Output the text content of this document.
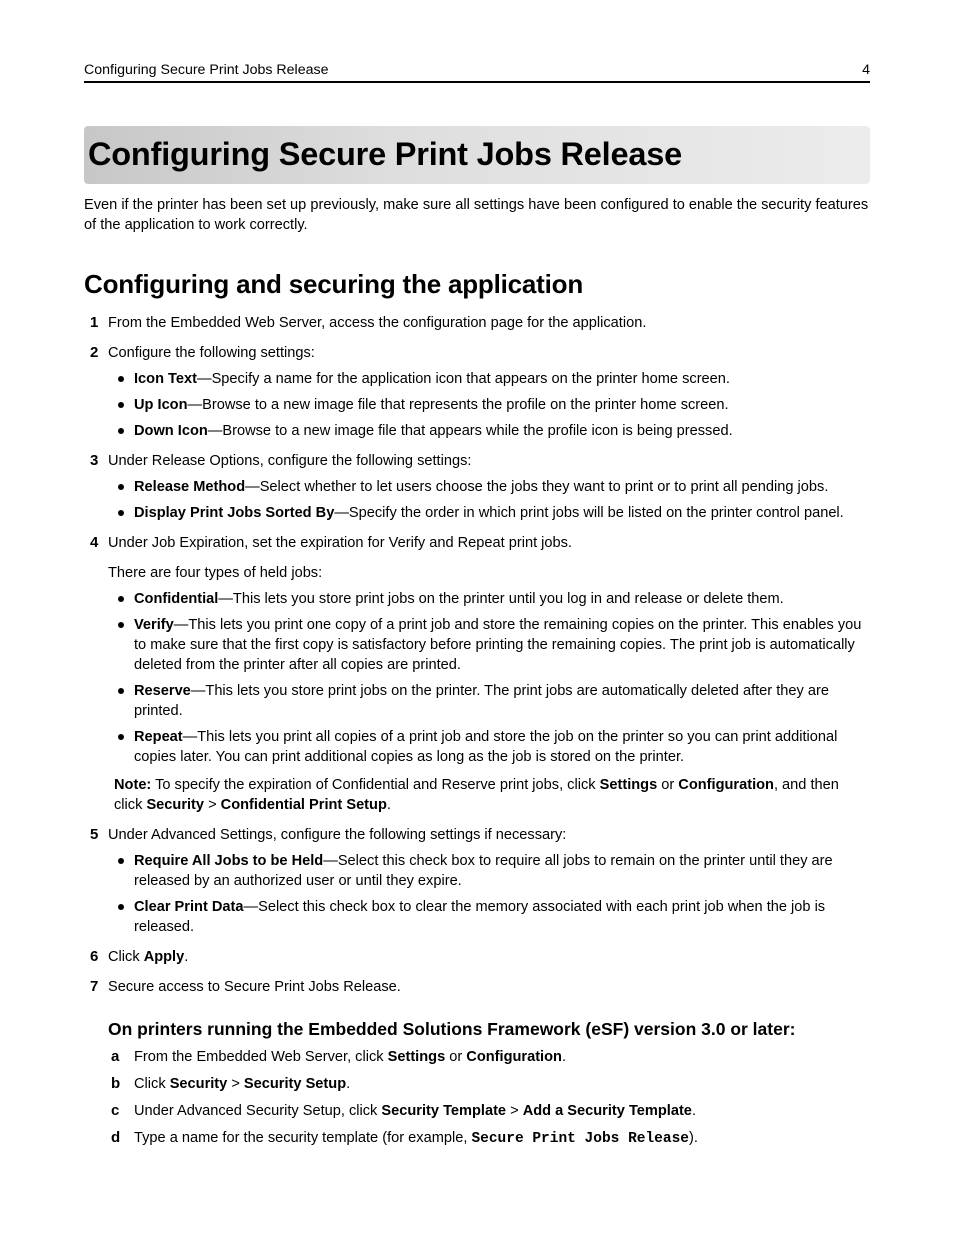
Configuring Secure Print Jobs Release	4
Configuring Secure Print Jobs Release

Even if the printer has been set up previously, make sure all settings have been configured to enable the security features of the application to work correctly.

Configuring and securing the application
1 From the Embedded Web Server, access the configuration page for the application.

2 Configure the following settings:

Icon Text—Specify a name for the application icon that appears on the printer home screen.
Up Icon—Browse to a new image file that represents the profile on the printer home screen.
Down Icon—Browse to a new image file that appears while the profile icon is being pressed.
3 Under Release Options, configure the following settings:

Release Method—Select whether to let users choose the jobs they want to print or to print all pending jobs.
Display Print Jobs Sorted By—Specify the order in which print jobs will be listed on the printer control panel.
4 Under Job Expiration, set the expiration for Verify and Repeat print jobs.

There are four types of held jobs:

Confidential—This lets you store print jobs on the printer until you log in and release or delete them.
Verify—This lets you print one copy of a print job and store the remaining copies on the printer. This enables you to make sure that the first copy is satisfactory before printing the remaining copies. The print job is automatically deleted from the printer after all copies are printed.
Reserve—This lets you store print jobs on the printer. The print jobs are automatically deleted after they are printed.
Repeat—This lets you print all copies of a print job and store the job on the printer so you can print additional copies later. You can print additional copies as long as the job is stored on the printer.

Note: To specify the expiration of Confidential and Reserve print jobs, click Settings or Configuration, and then click Security > Confidential Print Setup.

5 Under Advanced Settings, configure the following settings if necessary:

Require All Jobs to be Held—Select this check box to require all jobs to remain on the printer until they are released by an authorized user or until they expire.
Clear Print Data—Select this check box to clear the memory associated with each print job when the job is released.
6 Click Apply.

7 Secure access to Secure Print Jobs Release.

On printers running the Embedded Solutions Framework (eSF) version 3.0 or later:
a From the Embedded Web Server, click Settings or Configuration.
b Click Security > Security Setup.
c Under Advanced Security Setup, click Security Template > Add a Security Template.
d Type a name for the security template (for example, Secure Print Jobs Release).
